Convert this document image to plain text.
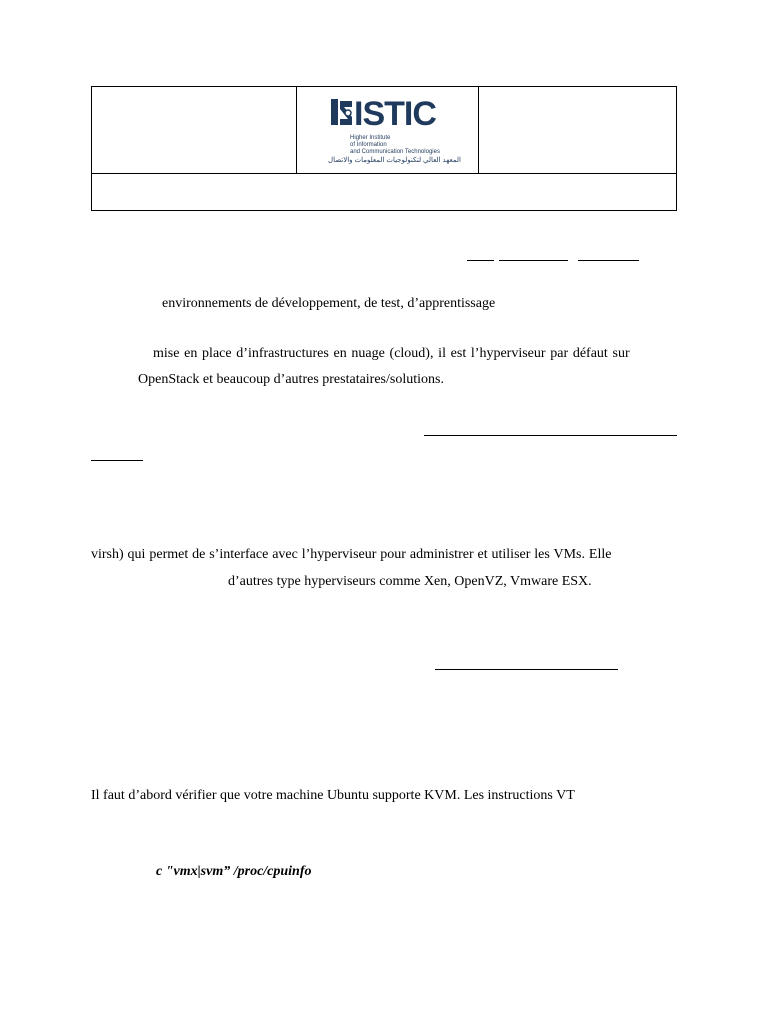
ISTIC
Higher Institute
of Information
and Communication Technologies
المعهد العالي لتكنولوجيات المعلومات والاتصال
environnements de développement, de test, d’apprentissage
mise en place d’infrastructures en nuage (cloud), il est l’hyperviseur par défaut sur
OpenStack et beaucoup d’autres prestataires/solutions.
virsh) qui permet de s’interface avec l’hyperviseur pour administrer et utiliser les VMs. Elle
d’autres type hyperviseurs comme Xen, OpenVZ, Vmware ESX.
Il faut d’abord vérifier que votre machine Ubuntu supporte KVM. Les instructions VT
c "vmx|svm” /proc/cpuinfo
